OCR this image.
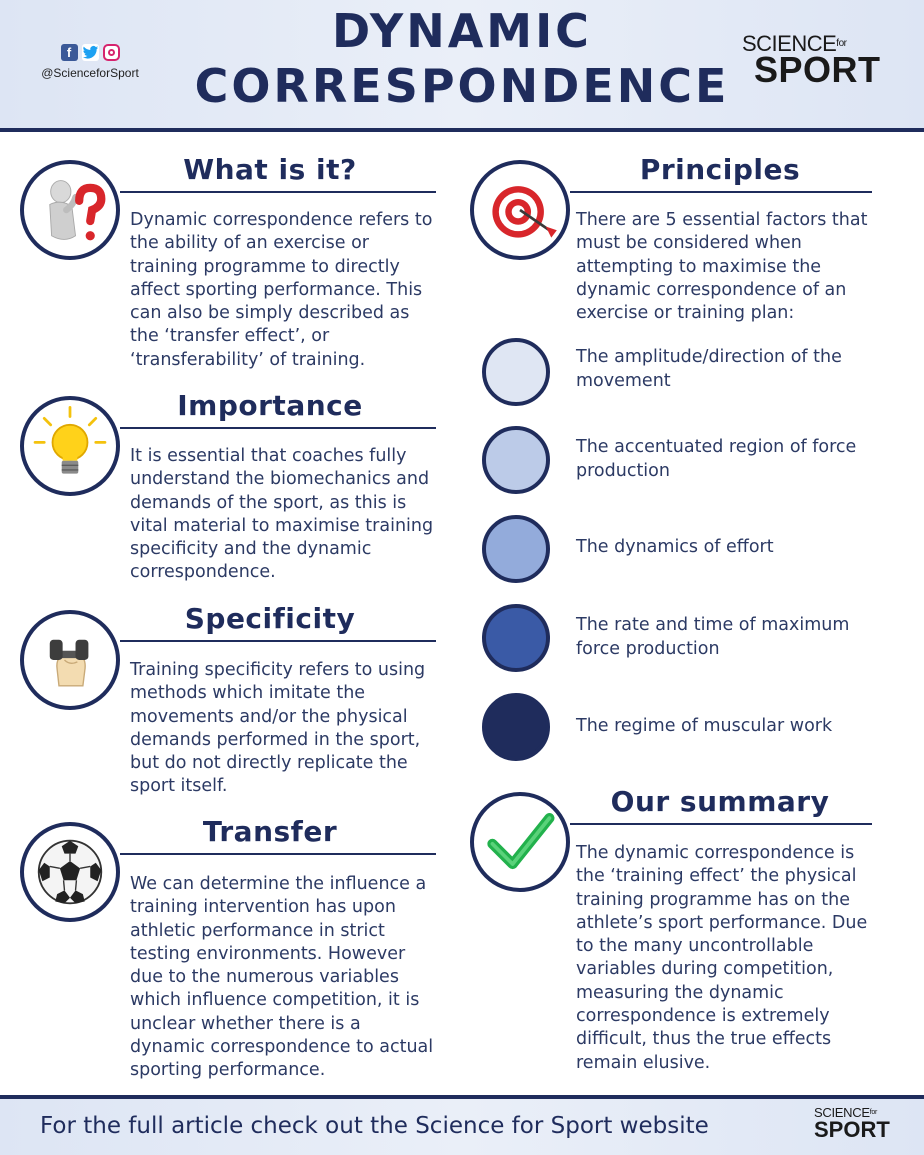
DYNAMIC
CORRESPONDENCE
f
@ScienceforSport
$SCIENCE^{for}$
SPORT
What is it?
Dynamic correspondence refers to the ability of an exercise or training programme to directly affect sporting performance. This can also be simply described as the ‘transfer effect’, or ‘transferability’ of training.
Importance
It is essential that coaches fully understand the biomechanics and demands of the sport, as this is vital material to maximise training specificity and the dynamic correspondence.
Specificity
Training specificity refers to using methods which imitate the movements and/or the physical demands performed in the sport, but do not directly replicate the sport itself.
Transfer
We can determine the influence a training intervention has upon athletic performance in strict testing environments. However due to the numerous variables which influence competition, it is unclear whether there is a dynamic correspondence to actual sporting performance.
Principles
There are 5 essential factors that must be considered when attempting to maximise the dynamic correspondence of an exercise or training plan:
The amplitude/direction of the movement
The accentuated region of force production
The dynamics of effort
The rate and time of maximum force production
The regime of muscular work
Our summary
The dynamic correspondence is the ‘training effect’ the physical training programme has on the athlete’s sport performance. Due to the many uncontrollable variables during competition, measuring the dynamic correspondence is extremely difficult, thus the true effects remain elusive.
For the full article check out the Science for Sport website
$SCIENCE^{for}$
SPORT
